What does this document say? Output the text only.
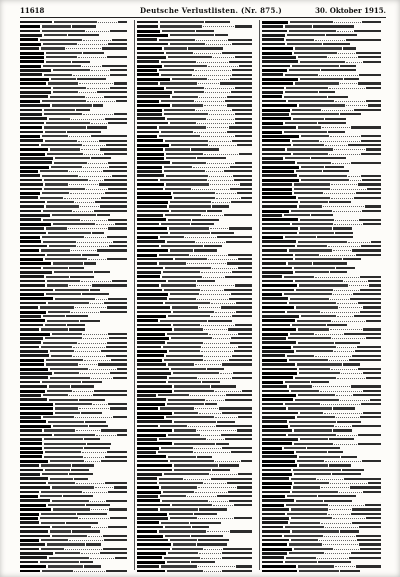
11618	Deutsche Verlustlisten. (Nr. 875.)	30. Oktober 1915.
